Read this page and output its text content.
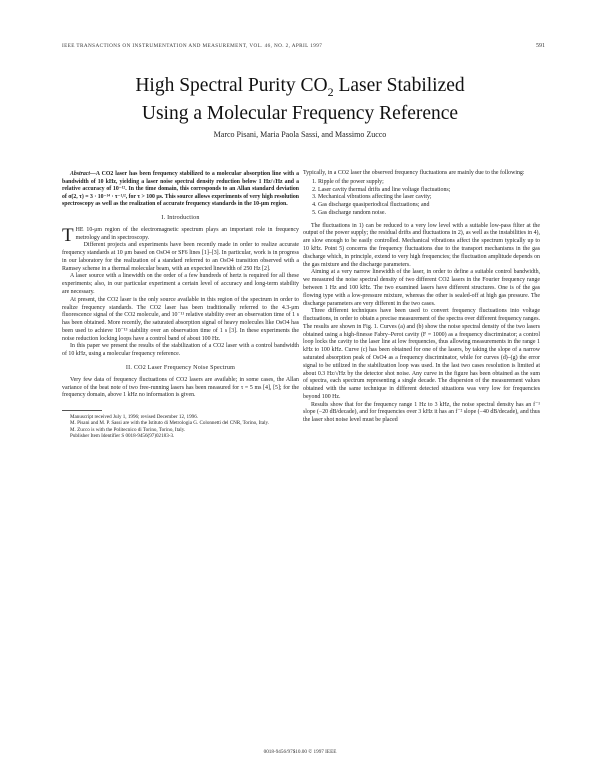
IEEE TRANSACTIONS ON INSTRUMENTATION AND MEASUREMENT, VOL. 46, NO. 2, APRIL 1997	591
High Spectral Purity $CO_2$ Laser Stabilized
Using a Molecular Frequency Reference
Marco Pisani, Maria Paola Sassi, and Massimo Zucco
Abstract—A CO2 laser has been frequency stabilized to a molecular absorption line with a bandwidth of 10 kHz, yielding a laser noise spectral density reduction below 1 Hz/√Hz and a relative accuracy of 10⁻¹². In the time domain, this corresponds to an Allan standard deviation of σ(2, τ) = 3 · 10⁻¹⁴ · τ⁻¹/², for τ > 100 μs. This source allows experiments of very high resolution spectroscopy as well as the realization of accurate frequency standards in the 10-μm region.
I. Introduction

THE 10-μm region of the electromagnetic spectrum plays an important role in frequency metrology and in spectroscopy.

Different projects and experiments have been recently made in order to realize accurate frequency standards at 10 μm based on OsO4 or SF6 lines [1]–[3]. In particular, work is in progress in our laboratory for the realization of a standard referred to an OsO4 transition observed with a Ramsey scheme in a thermal molecular beam, with an expected linewidth of 250 Hz [2].

A laser source with a linewidth on the order of a few hundreds of hertz is required for all these experiments; also, in our particular experiment a certain level of accuracy and long-term stability are necessary.

At present, the CO2 laser is the only source available in this region of the spectrum in order to realize frequency standards. The CO2 laser has been traditionally referred to the 4.3-μm fluorescence signal of the CO2 molecule, and 10⁻¹¹ relative stability over an observation time of 1 s has been obtained. More recently, the saturated absorption signal of heavy molecules like OsO4 has been used to achieve 10⁻¹³ stability over an observation time of 1 s [3]. In these experiments the noise reduction locking loops have a control band of about 100 Hz.

In this paper we present the results of the stabilization of a CO2 laser with a control bandwidth of 10 kHz, using a molecular frequency reference.

II. CO2 Laser Frequency Noise Spectrum

Very few data of frequency fluctuations of CO2 lasers are available; in some cases, the Allan variance of the beat note of two free-running lasers has been measured for τ = 5 ms [4], [5]; for the frequency domain, above 1 kHz no information is given.

Manuscript received July 1, 1996; revised December 12, 1996.
M. Pisani and M. P. Sassi are with the Istituto di Metrologia G. Colonnetti del CNR, Torino, Italy.
M. Zucco is with the Politecnico di Torino, Torino, Italy.
Publisher Item Identifier S 0018-9456(97)02183-3.

Typically, in a CO2 laser the observed frequency fluctuations are mainly due to the following:

1. Ripple of the power supply;
2. Laser cavity thermal drifts and line voltage fluctuations;
3. Mechanical vibrations affecting the laser cavity;
4. Gas discharge quasiperiodical fluctuations; and
5. Gas discharge random noise.

The fluctuations in 1) can be reduced to a very low level with a suitable low-pass filter at the output of the power supply; the residual drifts and fluctuations in 2), as well as the instabilities in 4), are slow enough to be easily controlled. Mechanical vibrations affect the spectrum typically up to 10 kHz. Point 5) concerns the frequency fluctuations due to the transport mechanisms in the gas discharge which, in principle, extend to very high frequencies; the fluctuation amplitude depends on the gas mixture and the discharge parameters.

Aiming at a very narrow linewidth of the laser, in order to define a suitable control bandwidth, we measured the noise spectral density of two different CO2 lasers in the Fourier frequency range between 1 Hz and 100 kHz. The two examined lasers have different structures. One is of the gas flowing type with a low-pressure mixture, whereas the other is sealed-off at high gas pressure. The discharge parameters are very different in the two cases.

Three different techniques have been used to convert frequency fluctuations into voltage fluctuations, in order to obtain a precise measurement of the spectra over different frequency ranges. The results are shown in Fig. 1. Curves (a) and (b) show the noise spectral density of the two lasers obtained using a high-finesse Fabry–Perot cavity (F = 1000) as a frequency discriminator; a control loop locks the cavity to the laser line at low frequencies, thus allowing measurements in the range 1 kHz to 100 kHz. Curve (c) has been obtained for one of the lasers, by taking the slope of a narrow saturated absorption peak of OsO4 as a frequency discriminator, while for curves (d)–(g) the error signal to be utilized in the stabilization loop was used. In the last two cases resolution is limited at about 0.3 Hz/√Hz by the detector shot noise. Any curve in the figure has been obtained as the sum of spectra, each spectrum representing a single decade. The dispersion of the measurement values obtained with the same technique in different detected situations was very low for frequencies beyond 100 Hz.

Results show that for the frequency range 1 Hz to 3 kHz, the noise spectral density has an f⁻¹ slope (−20 dB/decade), and for frequencies over 3 kHz it has an f⁻² slope (−40 dB/decade), and thus the laser shot noise level must be placed

0018-9456/97$10.00 © 1997 IEEE
